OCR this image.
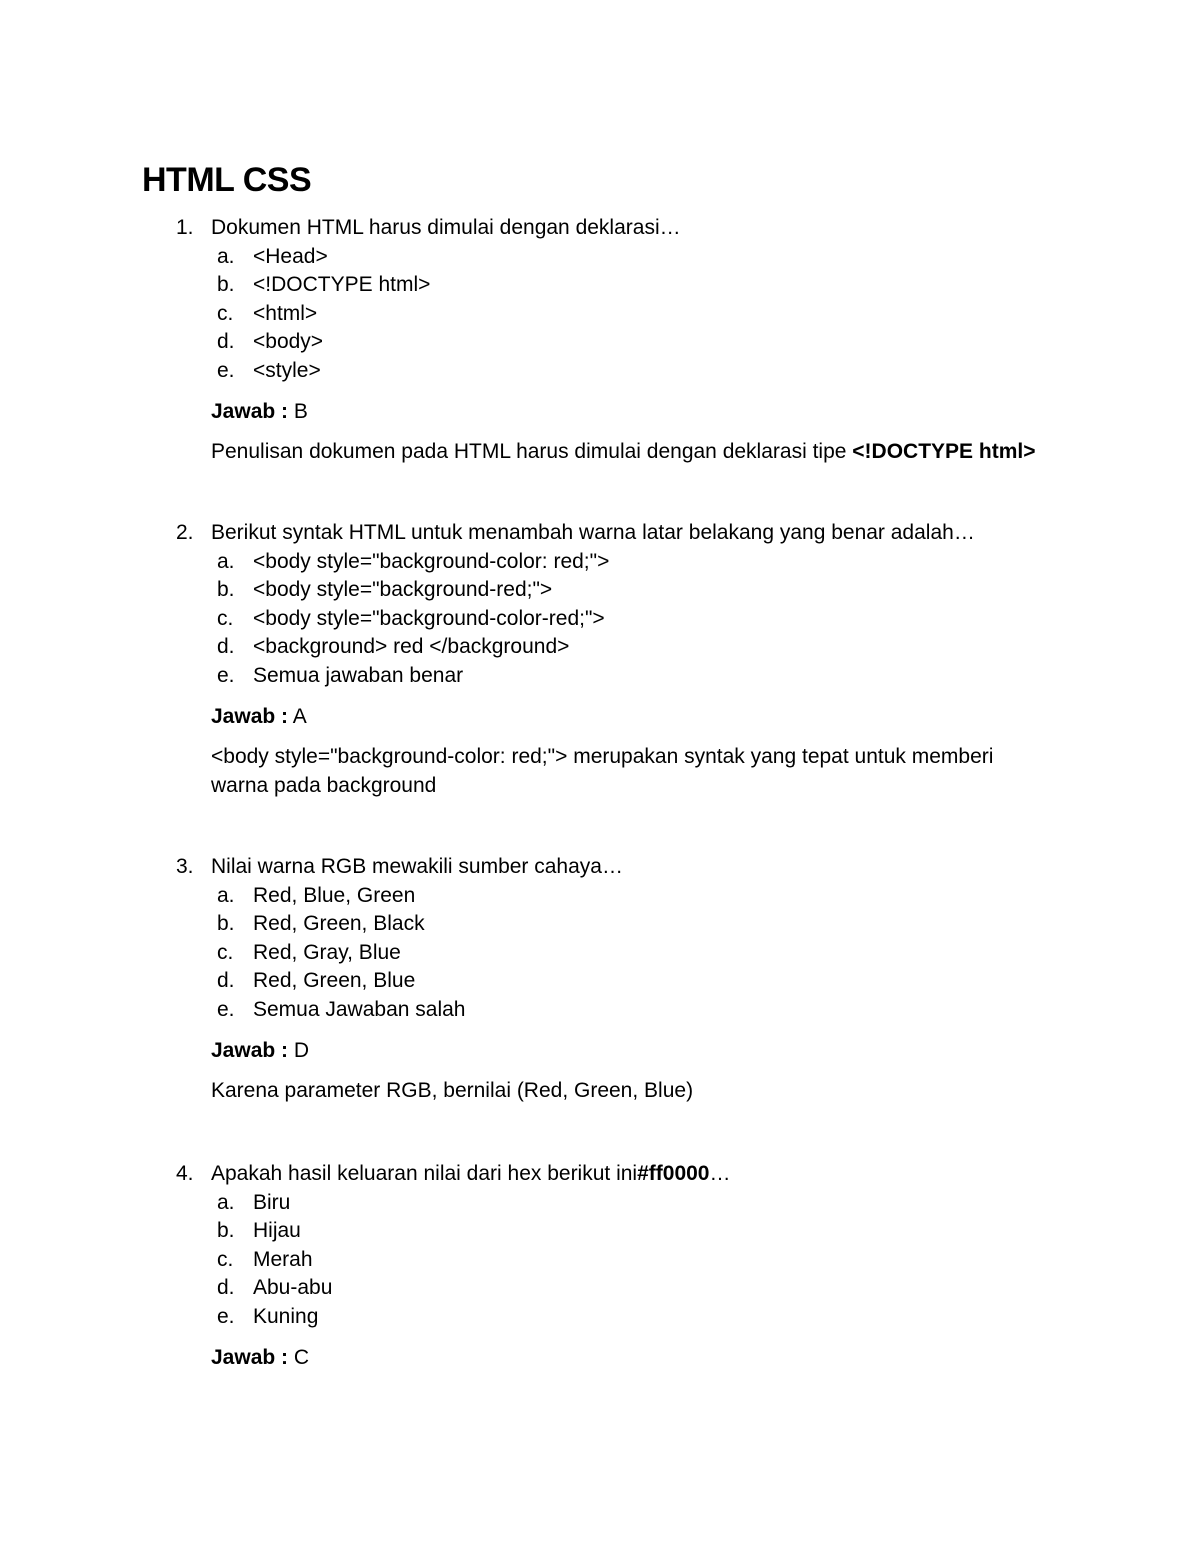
HTML CSS
1. Dokumen HTML harus dimulai dengan deklarasi…
a. <Head>
b. <!DOCTYPE html>
c. <html>
d. <body>
e. <style>
Jawab : B
Penulisan dokumen pada HTML harus dimulai dengan deklarasi tipe <!DOCTYPE html>
2. Berikut syntak HTML untuk menambah warna latar belakang yang benar adalah…
a. <body style="background-color: red;">
b. <body style="background-red;">
c. <body style="background-color-red;">
d. <background> red </background>
e. Semua jawaban benar
Jawab : A
<body style="background-color: red;"> merupakan syntak yang tepat untuk memberi warna pada background
3. Nilai warna RGB mewakili sumber cahaya…
a. Red, Blue, Green
b. Red, Green, Black
c. Red, Gray, Blue
d. Red, Green, Blue
e. Semua Jawaban salah
Jawab : D
Karena parameter RGB, bernilai (Red, Green, Blue)
4. Apakah hasil keluaran nilai dari hex berikut ini #ff0000 …
a. Biru
b. Hijau
c. Merah
d. Abu-abu
e. Kuning
Jawab : C
